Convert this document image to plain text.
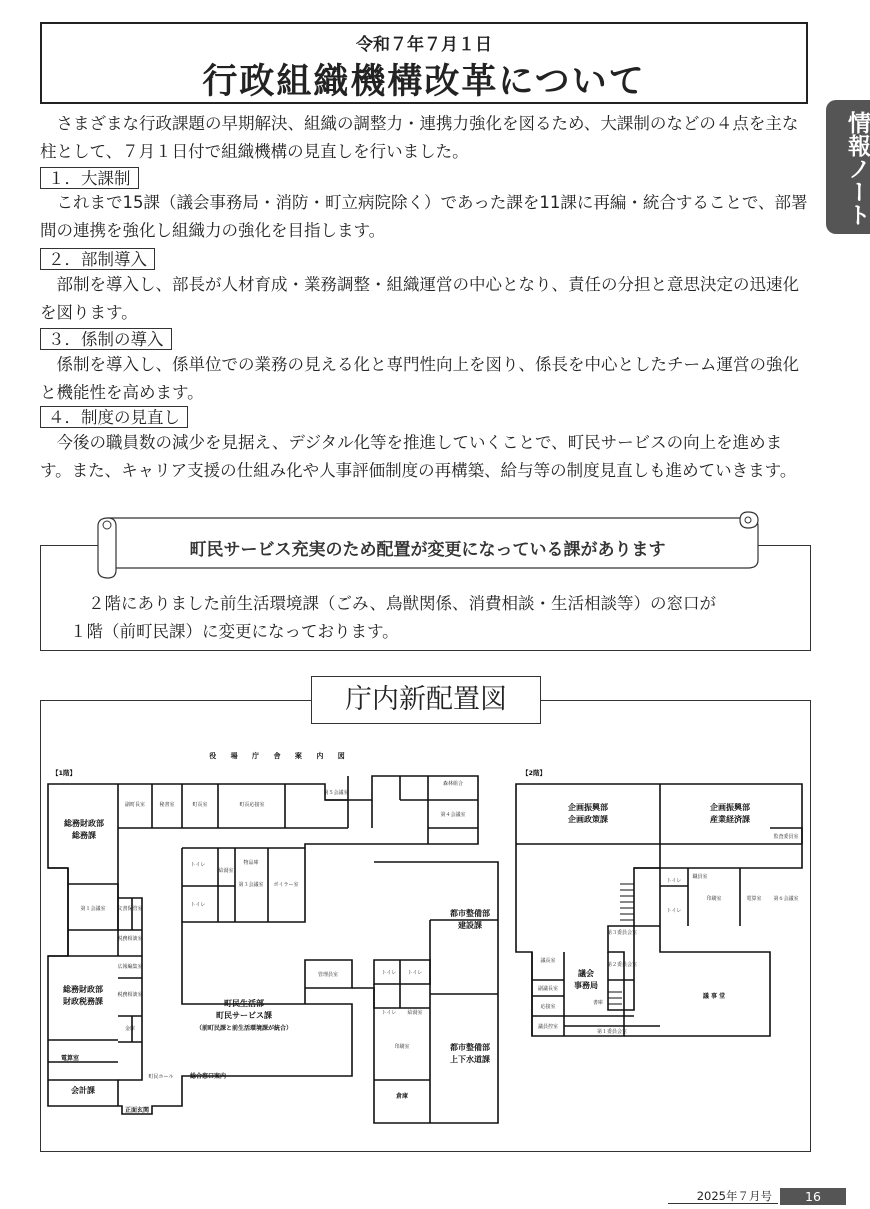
令和７年７月１日
行政組織機構改革について
情報ノート
さまざまな行政課題の早期解決、組織の調整力・連携力強化を図るため、大課制のなどの４点を主な柱として、７月１日付で組織機構の見直しを行いました。
１．大課制
これまで15課（議会事務局・消防・町立病院除く）であった課を11課に再編・統合することで、部署間の連携を強化し組織力の強化を目指します。
２．部制導入
部制を導入し、部長が人材育成・業務調整・組織運営の中心となり、責任の分担と意思決定の迅速化を図ります。
３．係制の導入
係制を導入し、係単位での業務の見える化と専門性向上を図り、係長を中心としたチーム運営の強化と機能性を高めます。
４．制度の見直し
今後の職員数の減少を見据え、デジタル化等を推進していくことで、町民サービスの向上を進めます。また、キャリア支援の仕組み化や人事評価制度の再構築、給与等の制度見直しも進めていきます。
町民サービス充実のため配置が変更になっている課があります
２階にありました前生活環境課（ごみ、鳥獣関係、消費相談・生活相談等）の窓口が
１階（前町民課）に変更になっております。
庁内新配置図
役 場 庁 舎 案 内 図
【1階】	【2階】
副町長室	秘書室	町長室	町長応接室
第５会議室
森林組合
第４会議室
総務財政部
総務課
トイレ
トイレ
給湯室
物品庫
第３会議室 ボイラー室
第１会議室 文書保管室
税務相談室
広報編集室
税務相談室
総務財政部
財政税務課
金庫
電算室
会計課
正面玄関
町民ホール	総合窓口案内
町民生活部
町民サービス課
（前町民課と前生活環境課が統合）
管理員室
都市整備部
建設課
トイレ トイレ
トイレ 給湯室
印刷室
倉庫
都市整備部
上下水道課
企画振興部
企画政策課
企画振興部
産業経済課
監査委員室
トイレ
トイレ
職員室
印刷室	電算室 第６会議室
第３委員会室
第２委員会室
議長室
副議長室
応接室
議会
事務局
書庫
議員控室
第１委員会室
議 事 堂
2025年７月号	16
